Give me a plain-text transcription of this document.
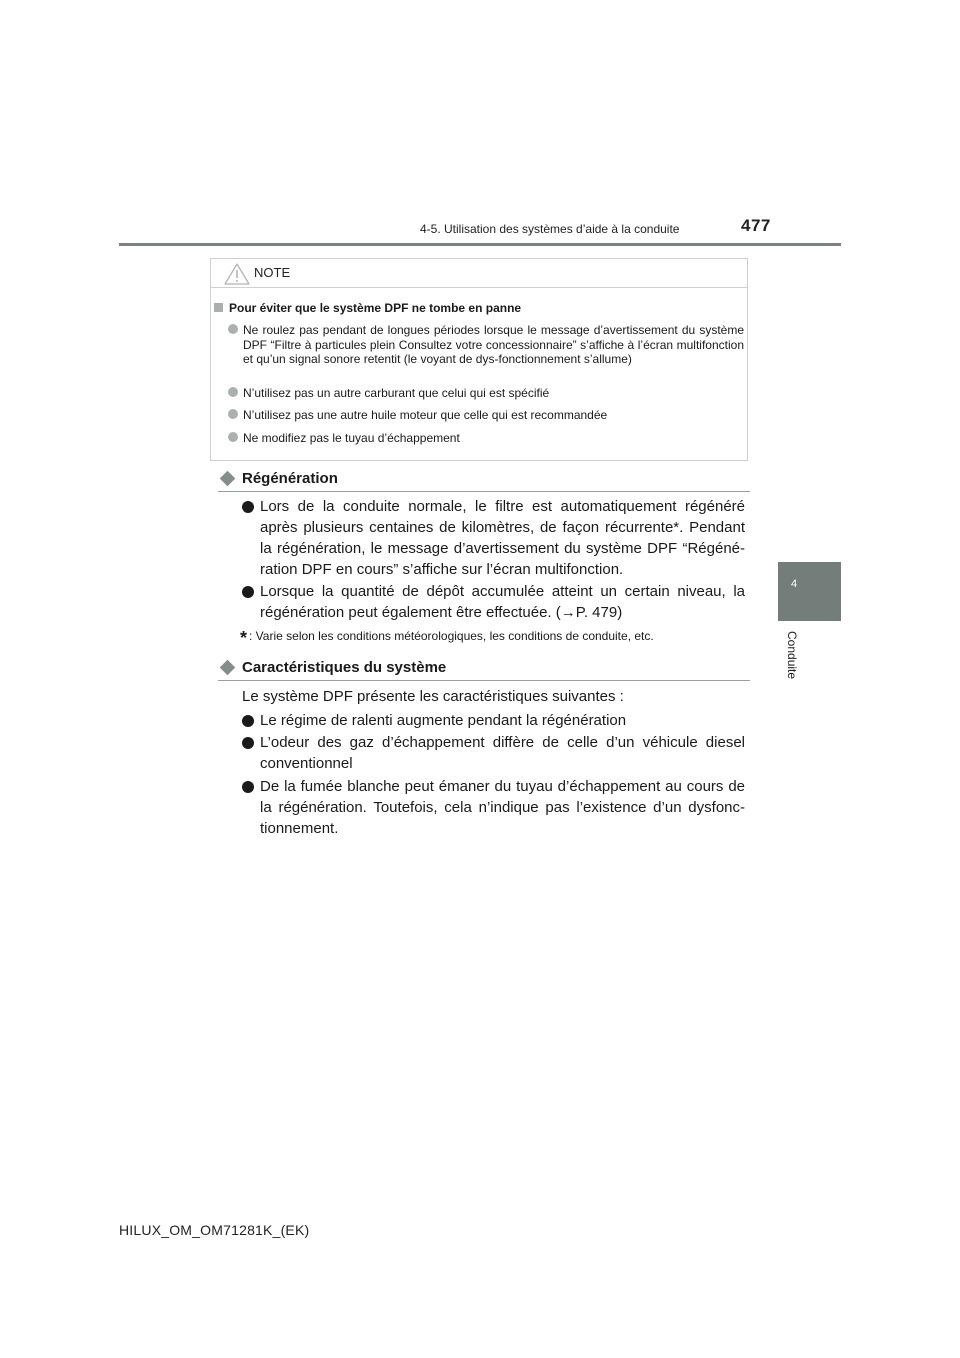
4-5. Utilisation des systèmes d’aide à la conduite	477
4
Conduite
NOTE
Pour éviter que le système DPF ne tombe en panne
Ne roulez pas pendant de longues périodes lorsque le message d’avertissement du système DPF “Filtre à particules plein Consultez votre concessionnaire” s’affiche à l’écran multifonction et qu’un signal sonore retentit (le voyant de dys-fonctionnement s’allume)
N’utilisez pas un autre carburant que celui qui est spécifié
N’utilisez pas une autre huile moteur que celle qui est recommandée
Ne modifiez pas le tuyau d’échappement
Régénération
Lors de la conduite normale, le filtre est automatiquement régénéré après plusieurs centaines de kilomètres, de façon récurrente*. Pendant la régénération, le message d’avertissement du système DPF “Régéné-ration DPF en cours” s’affiche sur l’écran multifonction.
Lorsque la quantité de dépôt accumulée atteint un certain niveau, la régénération peut également être effectuée. (→P. 479)
* : Varie selon les conditions météorologiques, les conditions de conduite, etc.
Caractéristiques du système
Le système DPF présente les caractéristiques suivantes :
Le régime de ralenti augmente pendant la régénération
L’odeur des gaz d’échappement diffère de celle d’un véhicule diesel conventionnel
De la fumée blanche peut émaner du tuyau d’échappement au cours de la régénération. Toutefois, cela n’indique pas l’existence d’un dysfonc-tionnement.
HILUX_OM_OM71281K_(EK)
